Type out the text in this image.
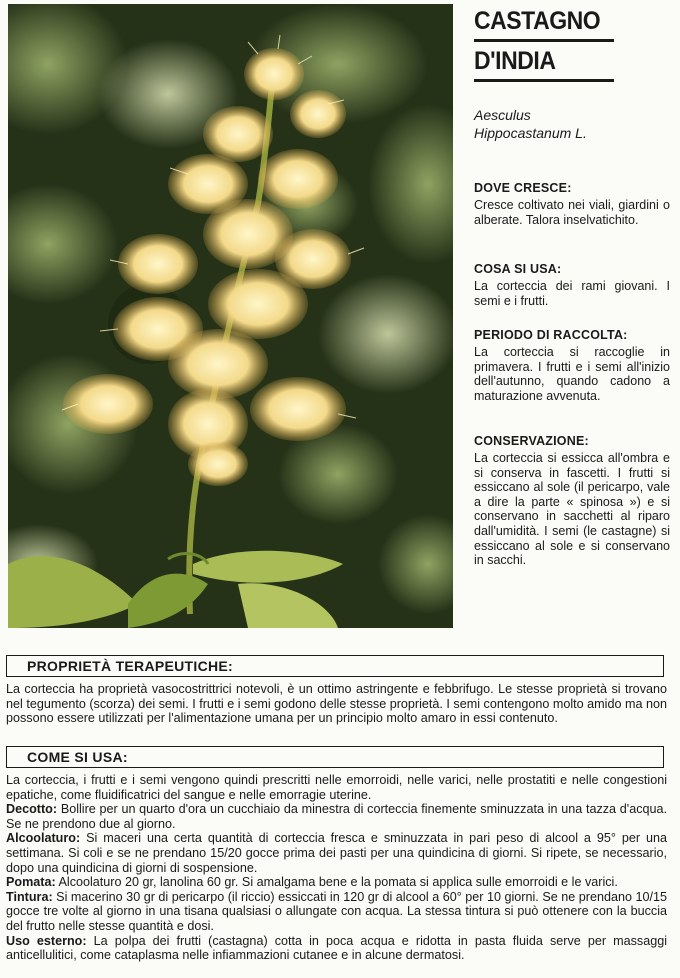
CASTAGNO
D'INDIA
Aesculus
Hippocastanum L.
DOVE CRESCE:

Cresce coltivato nei viali, giardini o alberate. Talora inselvatichito.

COSA SI USA:

La corteccia dei rami giovani. I semi e i frutti.

PERIODO DI RACCOLTA:

La corteccia si raccoglie in primavera. I frutti e i semi all'inizio dell'autunno, quando cadono a maturazione avvenuta.

CONSERVAZIONE:

La corteccia si essicca all'ombra e si conserva in fascetti. I frutti si essiccano al sole (il pericarpo, vale a dire la parte « spinosa ») e si conservano in sacchetti al riparo dall'umidità. I semi (le castagne) si essiccano al sole e si conservano in sacchi.

PROPRIETÀ TERAPEUTICHE:

La corteccia ha proprietà vasocostrittrici notevoli, è un ottimo astringente e febbrifugo. Le stesse proprietà si trovano nel tegumento (scorza) dei semi. I frutti e i semi godono delle stesse proprietà. I semi contengono molto amido ma non possono essere utilizzati per l'alimentazione umana per un principio molto amaro in essi contenuto.

COME SI USA:

La corteccia, i frutti e i semi vengono quindi prescritti nelle emorroidi, nelle varici, nelle prostatiti e nelle congestioni epatiche, come fluidificatrici del sangue e nelle emorragie uterine.

Decotto: Bollire per un quarto d'ora un cucchiaio da minestra di corteccia finemente sminuzzata in una tazza d'acqua. Se ne prendono due al giorno.

Alcoolaturo: Si maceri una certa quantità di corteccia fresca e sminuzzata in pari peso di alcool a 95° per una settimana. Si coli e se ne prendano 15/20 gocce prima dei pasti per una quindicina di giorni. Si ripete, se necessario, dopo una quindicina di giorni di sospensione.

Pomata: Alcoolaturo 20 gr, lanolina 60 gr. Si amalgama bene e la pomata si applica sulle emorroidi e le varici.

Tintura: Si macerino 30 gr di pericarpo (il riccio) essiccati in 120 gr di alcool a 60° per 10 giorni. Se ne prendano 10/15 gocce tre volte al giorno in una tisana qualsiasi o allungate con acqua. La stessa tintura si può ottenere con la buccia del frutto nelle stesse quantità e dosi.

Uso esterno: La polpa dei frutti (castagna) cotta in poca acqua e ridotta in pasta fluida serve per massaggi anticellulitici, come cataplasma nelle infiammazioni cutanee e in alcune dermatosi.
